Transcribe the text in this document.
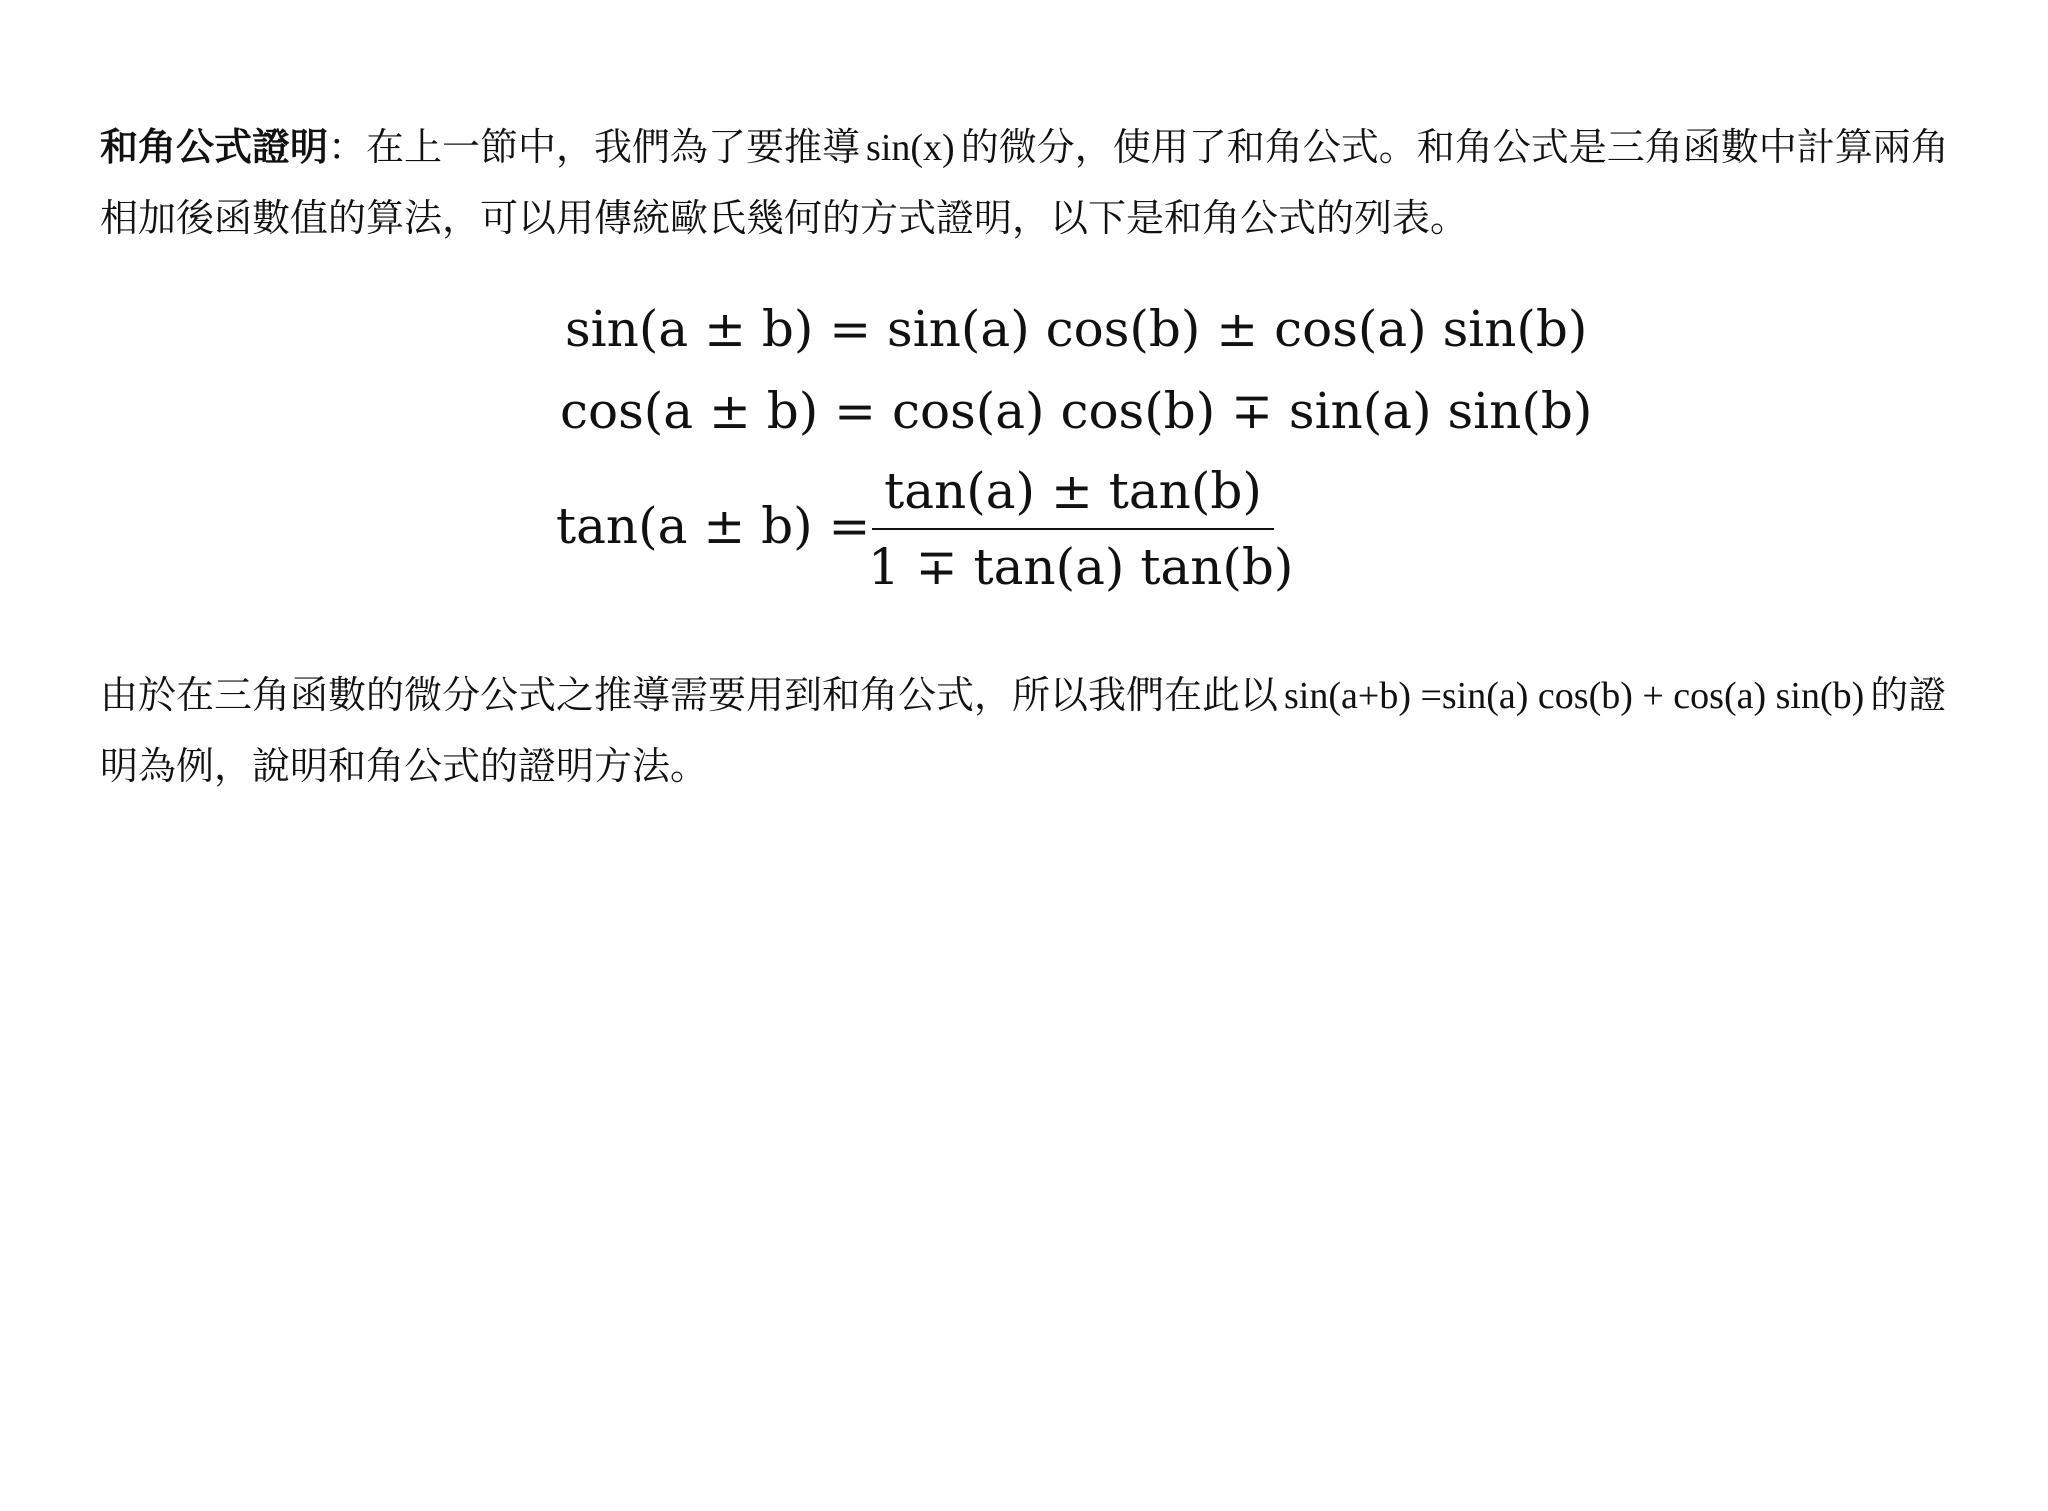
和角公式證明：在上一節中，我們為了要推導 sin(x) 的微分，使用了和角公式。和角公式是三角函數中計算兩角相加後函數值的算法，可以用傳統歐氏幾何的方式證明，以下是和角公式的列表。

sin(a ± b) = sin(a) cos(b) ± cos(a) sin(b)
cos(a ± b) = cos(a) cos(b) ∓ sin(a) sin(b)
tan(a ± b) =
tan(a) ± tan(b)
1 ∓ tan(a) tan(b)

由於在三角函數的微分公式之推導需要用到和角公式，所以我們在此以 sin(a+b) =sin(a) cos(b) + cos(a) sin(b) 的證明為例，說明和角公式的證明方法。
